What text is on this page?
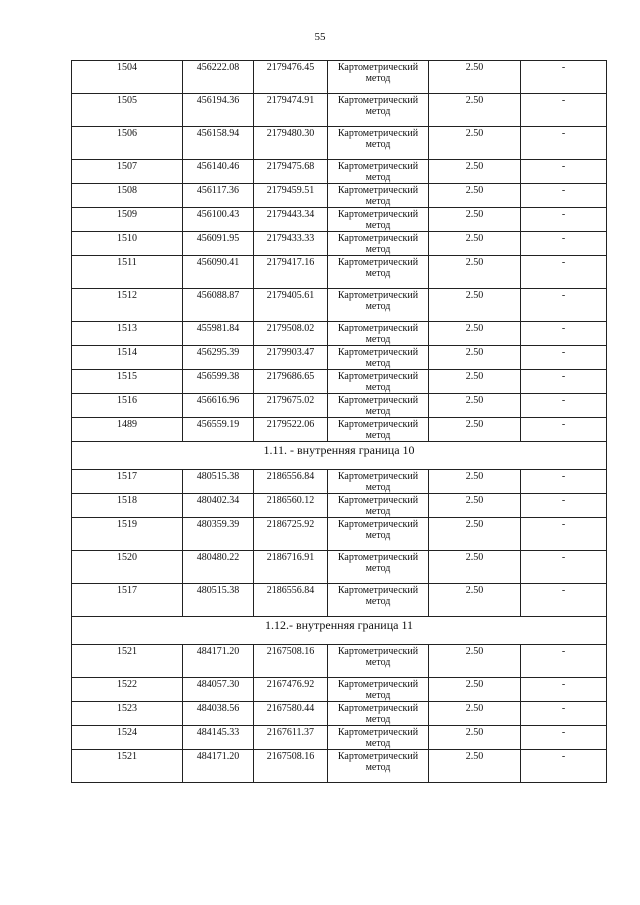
55
1504	456222.08	2179476.45	Картометрический метод	2.50	-
1505	456194.36	2179474.91	Картометрический метод	2.50	-
1506	456158.94	2179480.30	Картометрический метод	2.50	-
1507	456140.46	2179475.68	Картометрический метод	2.50	-
1508	456117.36	2179459.51	Картометрический метод	2.50	-
1509	456100.43	2179443.34	Картометрический метод	2.50	-
1510	456091.95	2179433.33	Картометрический метод	2.50	-
1511	456090.41	2179417.16	Картометрический метод	2.50	-
1512	456088.87	2179405.61	Картометрический метод	2.50	-
1513	455981.84	2179508.02	Картометрический метод	2.50	-
1514	456295.39	2179903.47	Картометрический метод	2.50	-
1515	456599.38	2179686.65	Картометрический метод	2.50	-
1516	456616.96	2179675.02	Картометрический метод	2.50	-
1489	456559.19	2179522.06	Картометрический метод	2.50	-
1.11. - внутренняя граница 10					
1517	480515.38	2186556.84	Картометрический метод	2.50	-
1518	480402.34	2186560.12	Картометрический метод	2.50	-
1519	480359.39	2186725.92	Картометрический метод	2.50	-
1520	480480.22	2186716.91	Картометрический метод	2.50	-
1517	480515.38	2186556.84	Картометрический метод	2.50	-
1.12.- внутренняя граница 11					
1521	484171.20	2167508.16	Картометрический метод	2.50	-
1522	484057.30	2167476.92	Картометрический метод	2.50	-
1523	484038.56	2167580.44	Картометрический метод	2.50	-
1524	484145.33	2167611.37	Картометрический метод	2.50	-
1521	484171.20	2167508.16	Картометрический метод	2.50	-
